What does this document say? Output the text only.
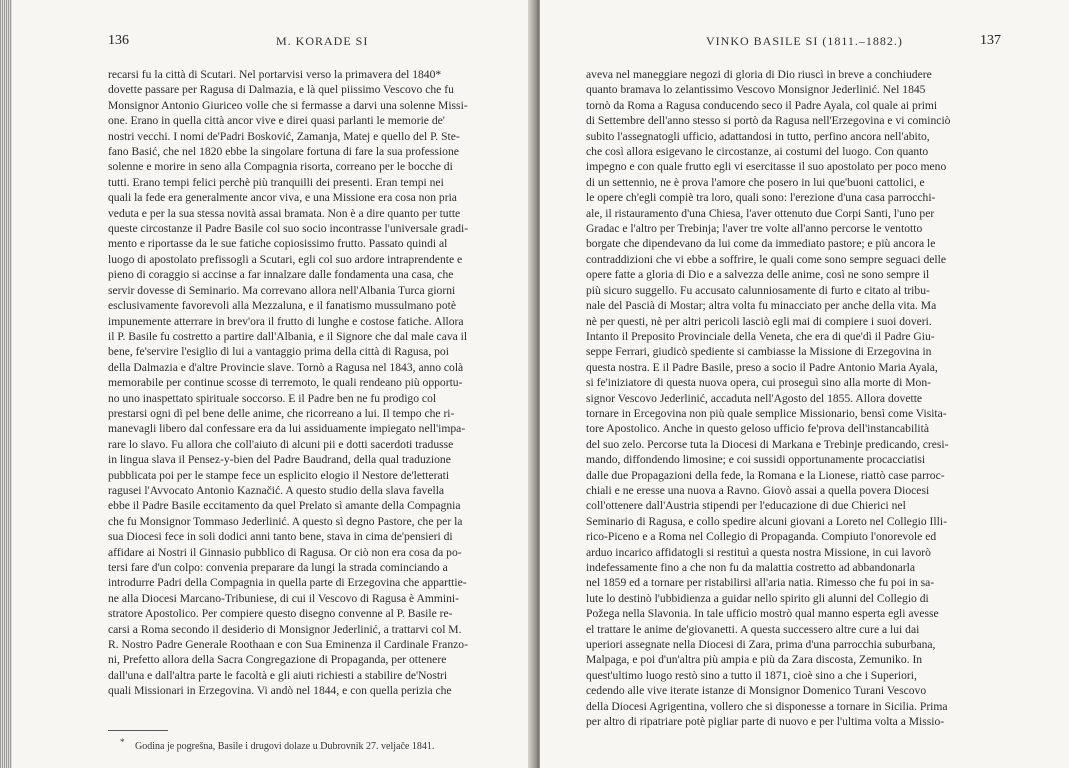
136	M. KORADE SI
recarsi fu la città di Scutari. Nel portarvisi verso la primavera del 1840*
dovette passare per Ragusa di Dalmazia, e là quel piissimo Vescovo che fu
Monsignor Antonio Giuriceo volle che si fermasse a darvi una solenne Missi-
one. Erano in quella città ancor vive e direi quasi parlanti le memorie de'
nostri vecchi. I nomi de'Padri Bosković, Zamanja, Matej e quello del P. Ste-
fano Basić, che nel 1820 ebbe la singolare fortuna di fare la sua professione
solenne e morire in seno alla Compagnia risorta, correano per le bocche di
tutti. Erano tempi felici perchè più tranquilli dei presenti. Eran tempi nei
quali la fede era generalmente ancor viva, e una Missione era cosa non pria
veduta e per la sua stessa novità assai bramata. Non è a dire quanto per tutte
queste circostanze il Padre Basile col suo socio incontrasse l'universale gradi-
mento e riportasse da le sue fatiche copiosissimo frutto. Passato quindi al
luogo di apostolato prefissogli a Scutari, egli col suo ardore intraprendente e
pieno di coraggio si accinse a far innalzare dalle fondamenta una casa, che
servir dovesse di Seminario. Ma correvano allora nell'Albania Turca giorni
esclusivamente favorevoli alla Mezzaluna, e il fanatismo mussulmano potè
impunemente atterrare in brev'ora il frutto di lunghe e costose fatiche. Allora
il P. Basile fu costretto a partire dall'Albania, e il Signore che dal male cava il
bene, fe'servire l'esiglio di lui a vantaggio prima della città di Ragusa, poi
della Dalmazia e d'altre Provincie slave. Tornò a Ragusa nel 1843, anno colà
memorabile per continue scosse di terremoto, le quali rendeano più opportu-
no uno inaspettato spirituale soccorso. E il Padre ben ne fu prodigo col
prestarsi ogni dì pel bene delle anime, che ricorreano a lui. Il tempo che ri-
manevagli libero dal confessare era da lui assiduamente impiegato nell'impa-
rare lo slavo. Fu allora che coll'aiuto di alcuni pii e dotti sacerdoti tradusse
in lingua slava il Pensez-y-bien del Padre Baudrand, della qual traduzione
pubblicata poi per le stampe fece un esplicito elogio il Nestore de'letterati
ragusei l'Avvocato Antonio Kaznačić. A questo studio della slava favella
ebbe il Padre Basile eccitamento da quel Prelato sì amante della Compagnia
che fu Monsignor Tommaso Jederlinić. A questo sì degno Pastore, che per la
sua Diocesi fece in soli dodici anni tanto bene, stava in cima de'pensieri di
affidare ai Nostri il Ginnasio pubblico di Ragusa. Or ciò non era cosa da po-
tersi fare d'un colpo: convenia preparare da lungi la strada cominciando a
introdurre Padri della Compagnia in quella parte di Erzegovina che apparttie-
ne alla Diocesi Marcano-Tribuniese, di cui il Vescovo di Ragusa è Ammini-
stratore Apostolico. Per compiere questo disegno convenne al P. Basile re-
carsi a Roma secondo il desiderio di Monsignor Jederlinić, a trattarvi col M.
R. Nostro Padre Generale Roothaan e con Sua Eminenza il Cardinale Franzo-
ni, Prefetto allora della Sacra Congregazione di Propaganda, per ottenere
dall'una e dall'altra parte le facoltà e gli aiuti richiesti a stabilire de'Nostri
quali Missionari in Erzegovina. Vi andò nel 1844, e con quella perizia che
* Godina je pogrešna, Basile i drugovi dolaze u Dubrovnik 27. veljače 1841.
VINKO BASILE SI (1811.–1882.)	137
aveva nel maneggiare negozi di gloria di Dio riuscì in breve a conchiudere
quanto bramava lo zelantissimo Vescovo Monsignor Jederlinić. Nel 1845
tornò da Roma a Ragusa conducendo seco il Padre Ayala, col quale ai primi
di Settembre dell'anno stesso si portò da Ragusa nell'Erzegovina e vi cominciò
subito l'assegnatogli ufficio, adattandosi in tutto, perfino ancora nell'abito,
che così allora esigevano le circostanze, ai costumi del luogo. Con quanto
impegno e con quale frutto egli vi esercitasse il suo apostolato per poco meno
di un settennio, ne è prova l'amore che posero in lui que'buoni cattolici, e
le opere ch'egli compiè tra loro, quali sono: l'erezione d'una casa parrocchi-
ale, il ristauramento d'una Chiesa, l'aver ottenuto due Corpi Santi, l'uno per
Gradac e l'altro per Trebinja; l'aver tre volte all'anno percorse le ventotto
borgate che dipendevano da lui come da immediato pastore; e più ancora le
contraddizioni che vi ebbe a soffrire, le quali come sono sempre seguaci delle
opere fatte a gloria di Dio e a salvezza delle anime, così ne sono sempre il
più sicuro suggello. Fu accusato calunniosamente di furto e citato al tribu-
nale del Pascià di Mostar; altra volta fu minacciato per anche della vita. Ma
nè per questi, nè per altri pericoli lasciò egli mai di compiere i suoi doveri.
Intanto il Preposito Provinciale della Veneta, che era di que'dì il Padre Giu-
seppe Ferrari, giudicò spediente si cambiasse la Missione di Erzegovina in
questa nostra. E il Padre Basile, preso a socio il Padre Antonio Maria Ayala,
si fe'iniziatore di questa nuova opera, cui proseguì sino alla morte di Mon-
signor Vescovo Jederlinić, accaduta nell'Agosto del 1855. Allora dovette
tornare in Ercegovina non più quale semplice Missionario, bensì come Visita-
tore Apostolico. Anche in questo geloso ufficio fe'prova dell'instancabilità
del suo zelo. Percorse tuta la Diocesi di Markana e Trebinje predicando, cresi-
mando, diffondendo limosine; e coi sussidi opportunamente procacciatisi
dalle due Propagazioni della fede, la Romana e la Lionese, riattò case parroc-
chiali e ne eresse una nuova a Ravno. Giovò assai a quella povera Diocesi
coll'ottenere dall'Austria stipendi per l'educazione di due Chierici nel
Seminario di Ragusa, e collo spedire alcuni giovani a Loreto nel Collegio Illi-
rico-Piceno e a Roma nel Collegio di Propaganda. Compiuto l'onorevole ed
arduo incarico affidatogli si restituì a questa nostra Missione, in cui lavorò
indefessamente fino a che non fu da malattia costretto ad abbandonarla
nel 1859 ed a tornare per ristabilirsi all'aria natia. Rimesso che fu poi in sa-
lute lo destinò l'ubbidienza a guidar nello spirito gli alunni del Collegio di
Požega nella Slavonia. In tale ufficio mostrò qual manno esperta egli avesse
el trattare le anime de'giovanetti. A questa successero altre cure a lui dai
uperiori assegnate nella Diocesi di Zara, prima d'una parrocchia suburbana,
Malpaga, e poi d'un'altra più ampia e più da Zara discosta, Zemuniko. In
quest'ultimo luogo restò sino a tutto il 1871, cioè sino a che i Superiori,
cedendo alle vive iterate istanze di Monsignor Domenico Turani Vescovo
della Diocesi Agrigentina, vollero che si disponesse a tornare in Sicilia. Prima
per altro di ripatriare potè pigliar parte di nuovo e per l'ultima volta a Missio-
